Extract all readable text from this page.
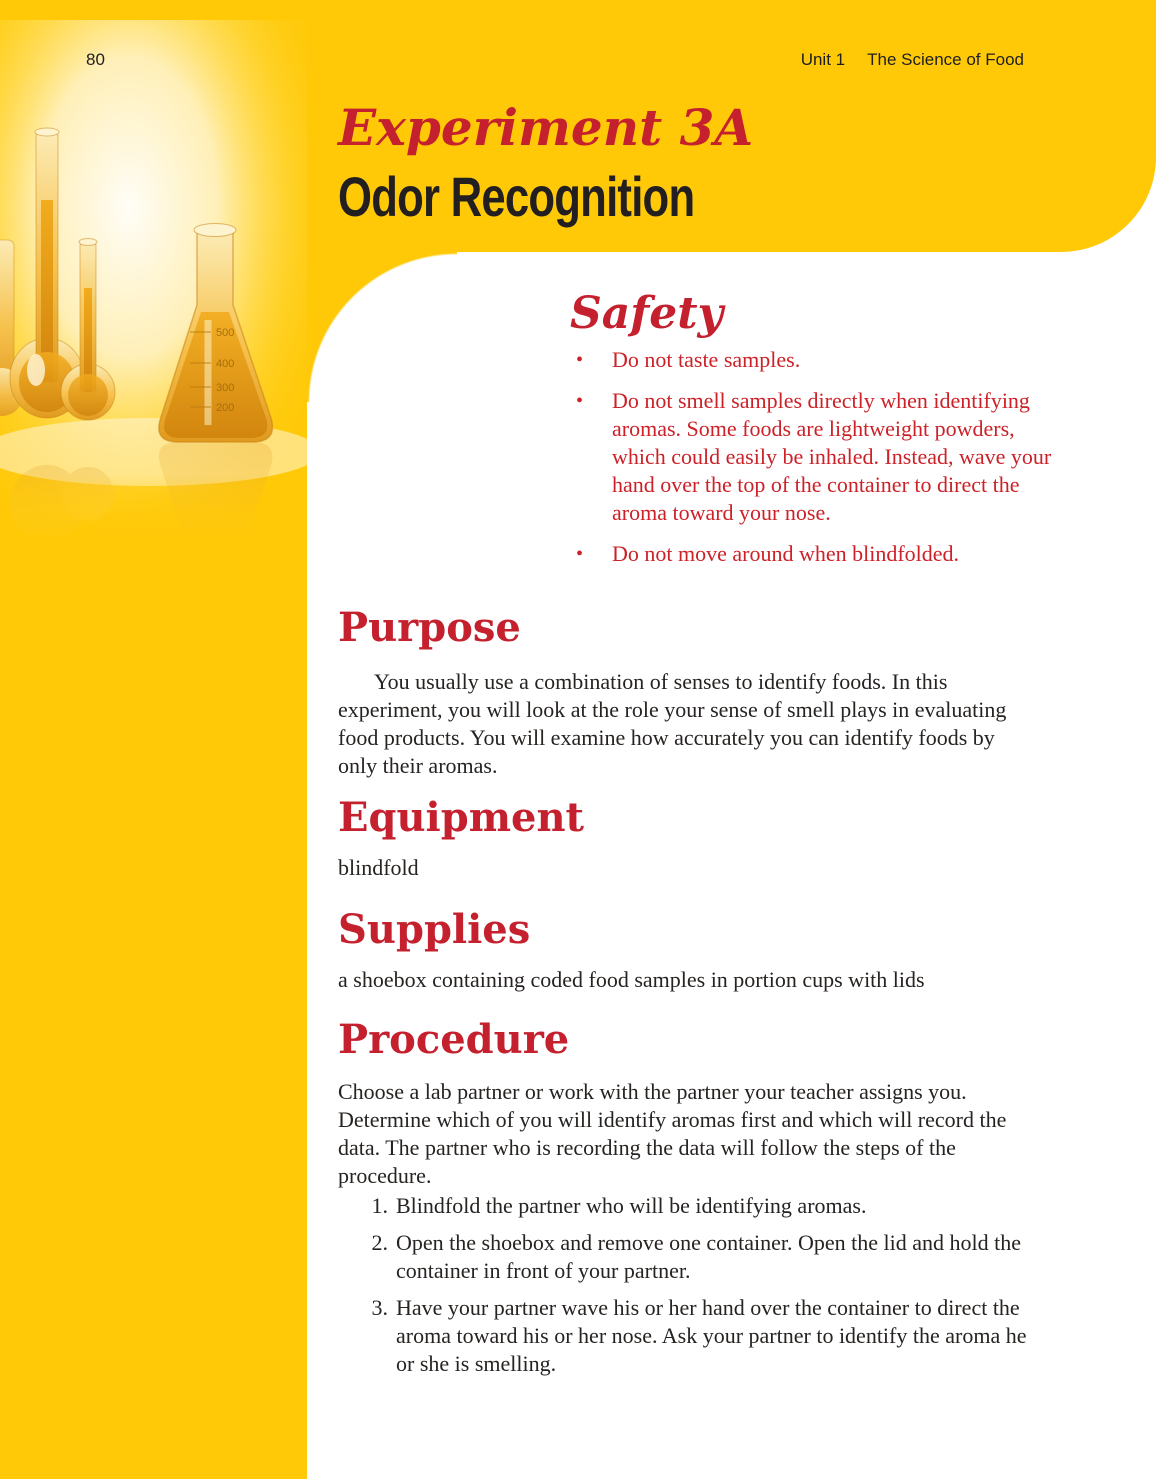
500
400
300
200
80	Unit 1 The Science of Food
Experiment 3A
Odor Recognition
Safety
•	Do not taste samples.
•	Do not smell samples directly when identifying aromas. Some foods are lightweight powders, which could easily be inhaled. Instead, wave your hand over the top of the container to direct the aroma toward your nose.
•	Do not move around when blindfolded.
Purpose
You usually use a combination of senses to identify foods. In this experiment, you will look at the role your sense of smell plays in evaluating food products. You will examine how accurately you can identify foods by only their aromas.
Equipment
blindfold
Supplies
a shoebox containing coded food samples in portion cups with lids
Procedure
Choose a lab partner or work with the partner your teacher assigns you. Determine which of you will identify aromas first and which will record the data. The partner who is recording the data will follow the steps of the procedure.
1. Blindfold the partner who will be identifying aromas.
2. Open the shoebox and remove one container. Open the lid and hold the container in front of your partner.
3. Have your partner wave his or her hand over the container to direct the aroma toward his or her nose. Ask your partner to identify the aroma he or she is smelling.
